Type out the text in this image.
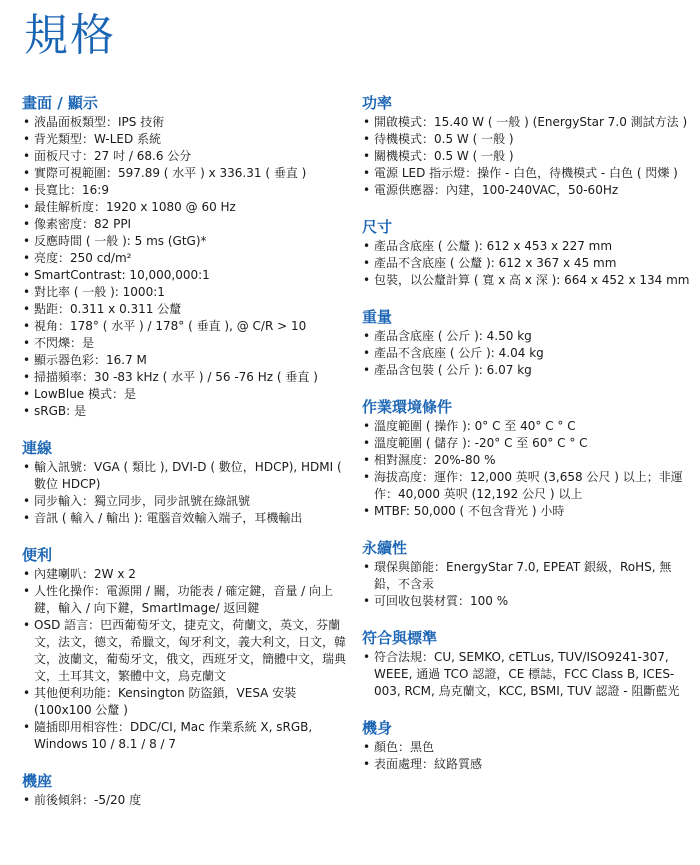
規格
畫面 / 顯示
• 液晶面板類型：IPS 技術
• 背光類型：W-LED 系統
• 面板尺寸：27 吋 / 68.6 公分
• 實際可視範圍：597.89 ( 水平 ) x 336.31 ( 垂直 )
• 長寬比：16:9
• 最佳解析度：1920 x 1080 @ 60 Hz
• 像素密度：82 PPI
• 反應時間 ( 一般 ): 5 ms (GtG)*
• 亮度：250 cd/m²
• SmartContrast: 10,000,000:1
• 對比率 ( 一般 ): 1000:1
• 點距：0.311 x 0.311 公釐
• 視角：178° ( 水平 ) / 178° ( 垂直 ), @ C/R > 10
• 不閃爍：是
• 顯示器色彩：16.7 M
• 掃描頻率：30 -83 kHz ( 水平 ) / 56 -76 Hz ( 垂直 )
• LowBlue 模式：是
• sRGB: 是
連線
• 輸入訊號：VGA ( 類比 ), DVI-D ( 數位，HDCP), HDMI ( 數位 HDCP)
• 同步輸入：獨立同步，同步訊號在綠訊號
• 音訊 ( 輸入 / 輸出 ): 電腦音效輸入端子，耳機輸出
便利
• 內建喇叭：2W x 2
• 人性化操作：電源開 / 關，功能表 / 確定鍵，音量 / 向上鍵，輸入 / 向下鍵，SmartImage/ 返回鍵
• OSD 語言：巴西葡萄牙文，捷克文，荷蘭文，英文，芬蘭文，法文，德文，希臘文，匈牙利文，義大利文，日文，韓文，波蘭文，葡萄牙文，俄文，西班牙文，簡體中文，瑞典文，土耳其文，繁體中文，烏克蘭文
• 其他便利功能：Kensington 防盜鎖，VESA 安裝 (100x100 公釐 )
• 隨插即用相容性：DDC/CI, Mac 作業系統 X, sRGB, Windows 10 / 8.1 / 8 / 7
機座
• 前後傾斜：-5/20 度
功率
• 開啟模式：15.40 W ( 一般 ) (EnergyStar 7.0 測試方法 )
• 待機模式：0.5 W ( 一般 )
• 關機模式：0.5 W ( 一般 )
• 電源 LED 指示燈：操作 - 白色，待機模式 - 白色 ( 閃爍 )
• 電源供應器：內建，100-240VAC，50-60Hz
尺寸
• 產品含底座 ( 公釐 ): 612 x 453 x 227 mm
• 產品不含底座 ( 公釐 ): 612 x 367 x 45 mm
• 包裝，以公釐計算 ( 寬 x 高 x 深 ): 664 x 452 x 134 mm
重量
• 產品含底座 ( 公斤 ): 4.50 kg
• 產品不含底座 ( 公斤 ): 4.04 kg
• 產品含包裝 ( 公斤 ): 6.07 kg
作業環境條件
• 溫度範圍 ( 操作 ): 0° C 至 40° C ° C
• 溫度範圍 ( 儲存 ): -20° C 至 60° C ° C
• 相對濕度：20%-80 %
• 海拔高度：運作：12,000 英呎 (3,658 公尺 ) 以上；非運作：40,000 英呎 (12,192 公尺 ) 以上
• MTBF: 50,000 ( 不包含背光 ) 小時
永續性
• 環保與節能：EnergyStar 7.0, EPEAT 銀級，RoHS, 無鉛，不含汞
• 可回收包裝材質：100 %
符合與標準
• 符合法規：CU, SEMKO, cETLus, TUV/ISO9241-307, WEEE, 通過 TCO 認證，CE 標誌，FCC Class B, ICES-003, RCM, 烏克蘭文，KCC, BSMI, TUV 認證 - 阻斷藍光
機身
• 顏色：黑色
• 表面處理：紋路質感
